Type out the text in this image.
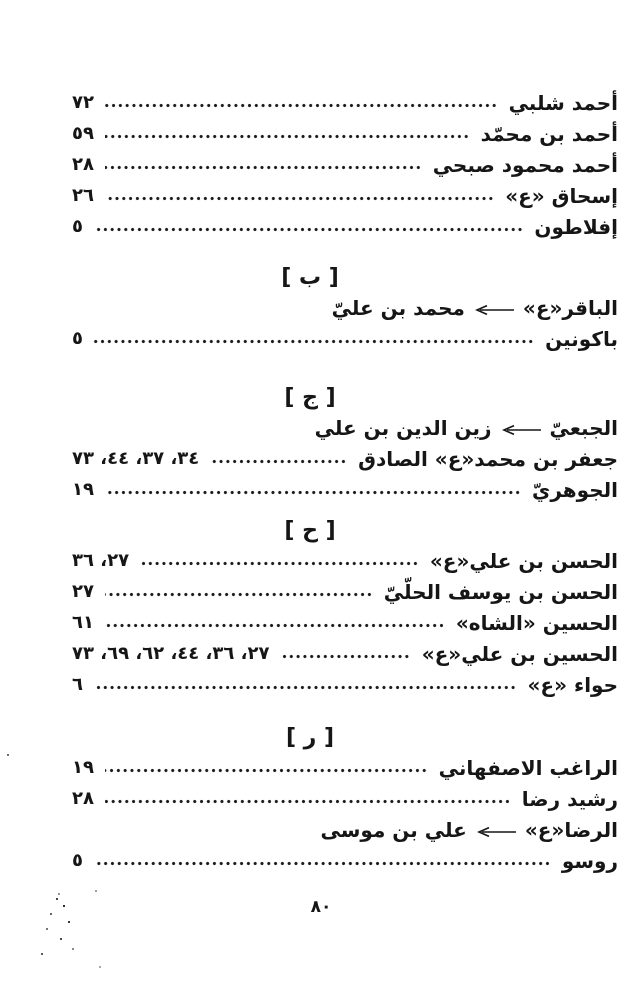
أحمد شلبي
٧٢
أحمد بن محمّد
٥٩
أحمد محمود صبحي
٢٨
إسحاق «ع»
٢٦
إفلاطون
٥
[ ب ]
الباقر«ع»
محمد بن عليّ
باكونين
٥
[ ج ]
الجبعيّ
زين الدين بن علي
جعفر بن محمد«ع» الصادق
٣٤، ٣٧، ٤٤، ٧٣
الجوهريّ
١٩
[ ح ]
الحسن بن علي«ع»
٢٧، ٣٦
الحسن بن يوسف الحلّيّ
٢٧
الحسين «الشاه»
٦١
الحسين بن علي«ع»
٢٧، ٣٦، ٤٤، ٦٢، ٦٩، ٧٣
حواء «ع»
٦
[ ر ]
الراغب الاصفهاني
١٩
رشيد رضا
٢٨
الرضا«ع»
علي بن موسى
روسو
٥
٨٠
